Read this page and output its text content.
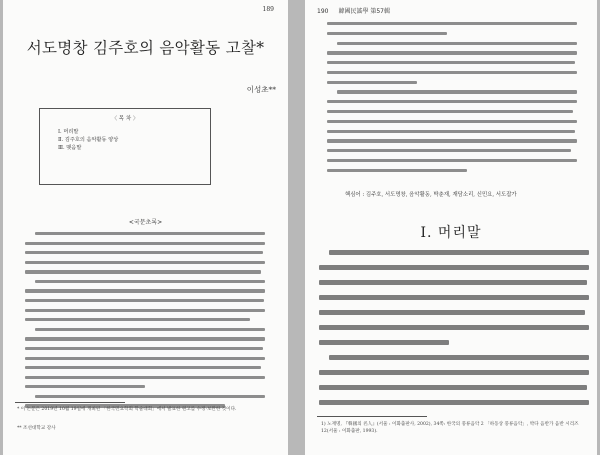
189
서도명창 김주호의 음악활동 고찰*
이성초**
〈 목 차 〉
Ⅰ. 머리말
Ⅱ. 김주호의 음악활동 양상
Ⅲ. 맺음말
<국문초록>
* 이 논문은 2019년 10월 19일에 개최된 「한국민요학회 학술대회」에서 발표한 원고를 수정·보완한 것이다.
** 조선대학교 강사
190 韓國民謠學 第57輯
핵심어 : 김주호, 서도명창, 음악활동, 박춘재, 재담소리, 신민요, 서도잡가
Ⅰ. 머리말
1) 노재명, 『韓國의 名人』(서울 : 이화출판사, 2002), 34쪽: 한국의 풍류음악 2 「하동상 풍류음악」, 박다 음반가 음반 시리즈 12(서울 : 이화출판, 1993).
